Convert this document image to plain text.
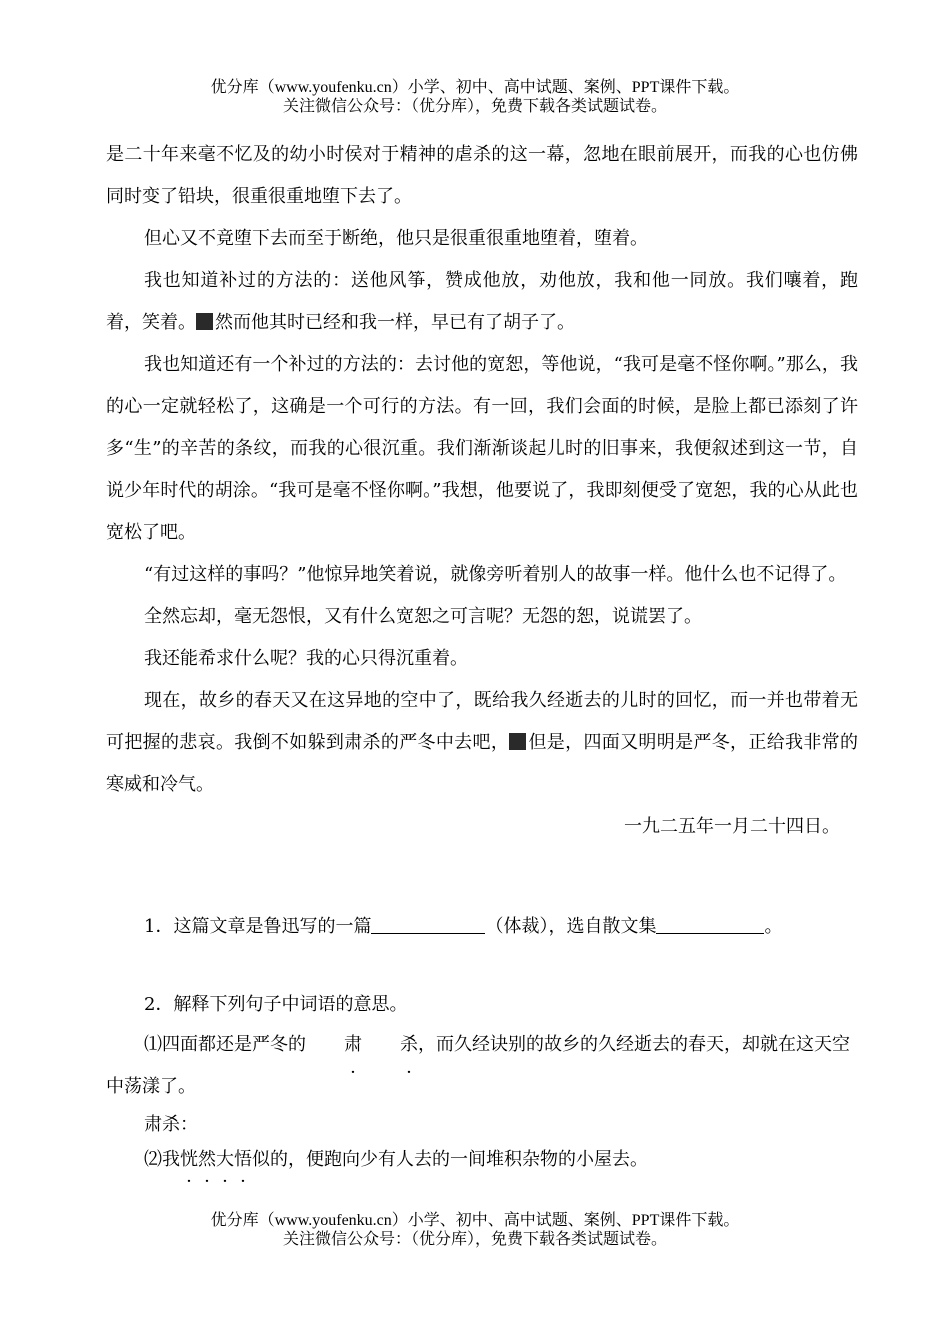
优分库（www.youfenku.cn）小学、初中、高中试题、案例、PPT课件下载。
关注微信公众号：（优分库），免费下载各类试题试卷。

是二十年来毫不忆及的幼小时侯对于精神的虐杀的这一幕，忽地在眼前展开，而我的心也仿佛同时变了铅块，很重很重地堕下去了。

但心又不竟堕下去而至于断绝，他只是很重很重地堕着，堕着。

我也知道补过的方法的：送他风筝，赞成他放，劝他放，我和他一同放。我们嚷着，跑着，笑着。 然而他其时已经和我一样，早已有了胡子了。

我也知道还有一个补过的方法的：去讨他的宽恕，等他说，“我可是毫不怪你啊。”那么，我的心一定就轻松了，这确是一个可行的方法。有一回，我们会面的时候，是脸上都已添刻了许多“生”的辛苦的条纹，而我的心很沉重。我们渐渐谈起儿时的旧事来，我便叙述到这一节，自说少年时代的胡涂。“我可是毫不怪你啊。”我想，他要说了，我即刻便受了宽恕，我的心从此也宽松了吧。

“有过这样的事吗？”他惊异地笑着说，就像旁听着别人的故事一样。他什么也不记得了。

全然忘却，毫无怨恨，又有什么宽恕之可言呢？无怨的恕，说谎罢了。

我还能希求什么呢？我的心只得沉重着。

现在，故乡的春天又在这异地的空中了，既给我久经逝去的儿时的回忆，而一并也带着无可把握的悲哀。我倒不如躲到肃杀的严冬中去吧， 但是，四面又明明是严冬，正给我非常的寒威和冷气。

一九二五年一月二十四日。

1．这篇文章是鲁迅写的一篇	（体裁），选自散文集	。
2．解释下列句子中词语的意思。
⑴四面都还是严冬的 肃 杀，而久经诀别的故乡的久经逝去的春天，却就在这天空中荡漾了。
肃杀：
⑵我恍然大悟似的，便跑向少有人去的一间堆积杂物的小屋去。
优分库（www.youfenku.cn）小学、初中、高中试题、案例、PPT课件下载。
关注微信公众号：（优分库），免费下载各类试题试卷。
